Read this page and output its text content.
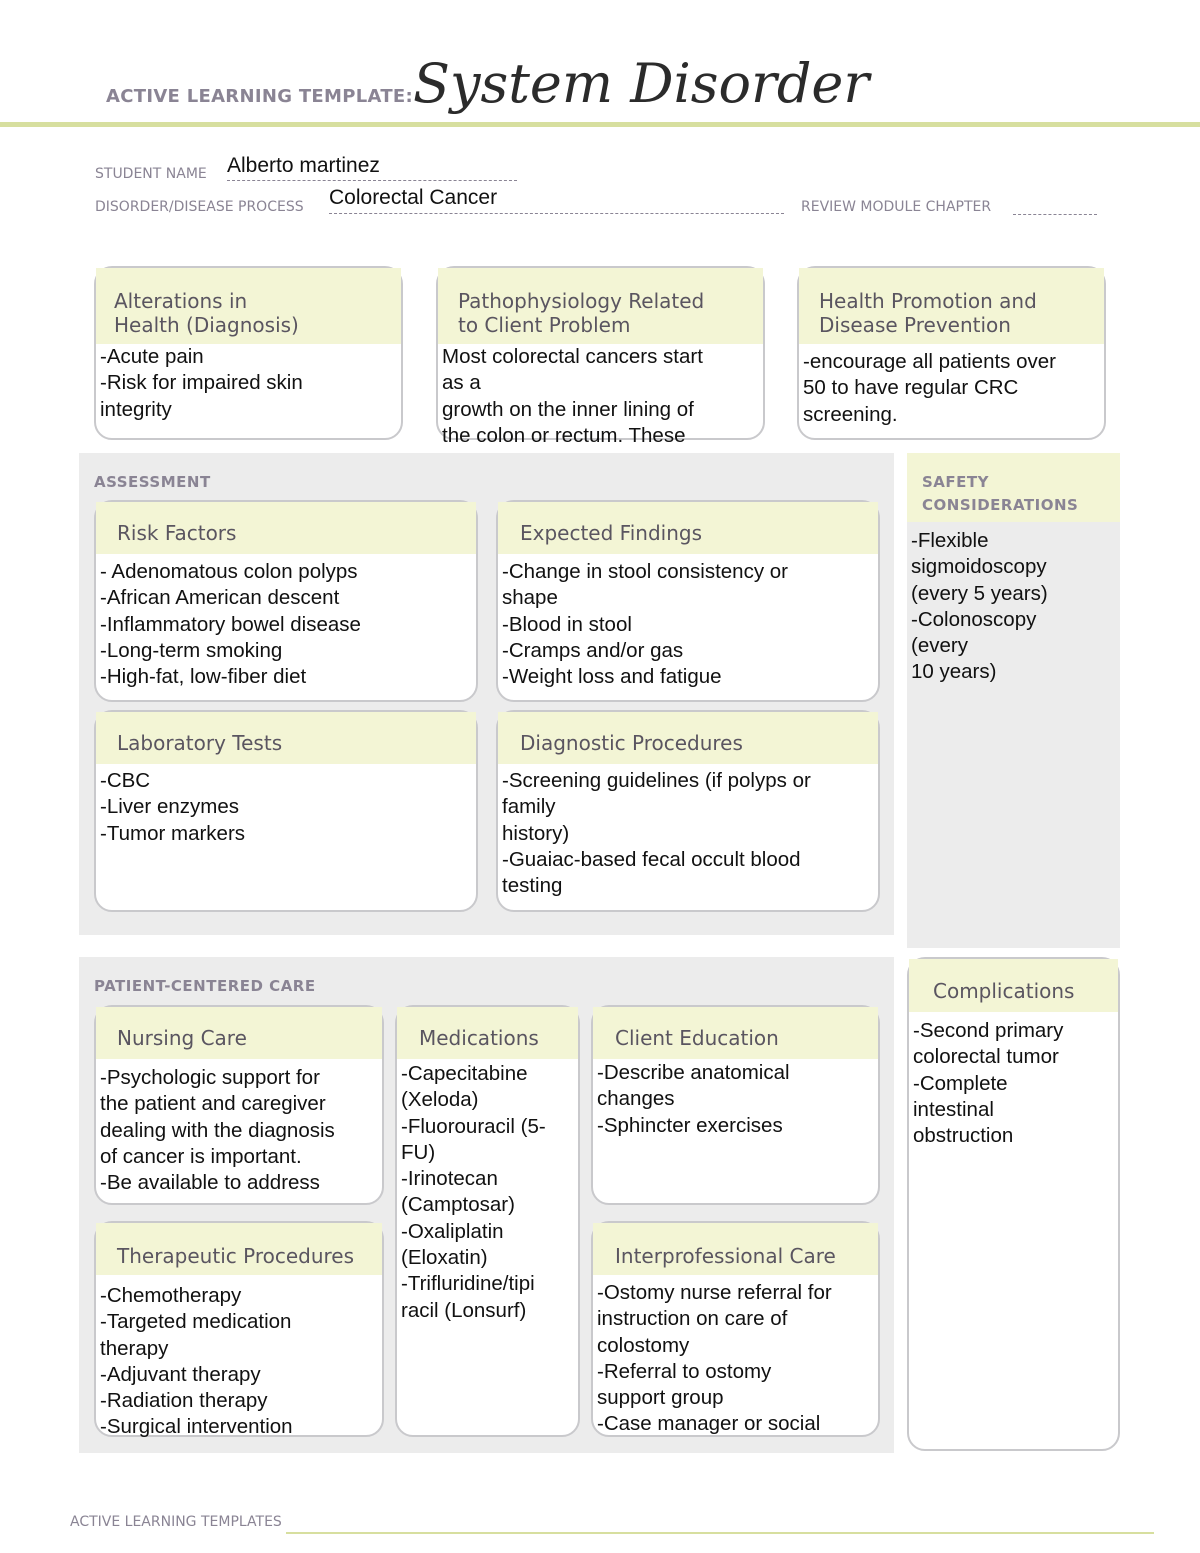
ACTIVE LEARNING TEMPLATE: System Disorder
STUDENT NAME Alberto martinez
DISORDER/DISEASE PROCESS Colorectal Cancer	REVIEW MODULE CHAPTER
Alterations in
Health (Diagnosis)
-Acute pain
-Risk for impaired skin
integrity
Pathophysiology Related
to Client Problem
Most colorectal cancers start
as a
growth on the inner lining of
the colon or rectum. These
Health Promotion and
Disease Prevention
-encourage all patients over
50 to have regular CRC
screening.
ASSESSMENT
Risk Factors
- Adenomatous colon polyps
-African American descent
-Inflammatory bowel disease
-Long-term smoking
-High-fat, low-fiber diet
Expected Findings
-Change in stool consistency or
shape
-Blood in stool
-Cramps and/or gas
-Weight loss and fatigue
Laboratory Tests
-CBC
-Liver enzymes
-Tumor markers
Diagnostic Procedures
-Screening guidelines (if polyps or
family
history)
-Guaiac-based fecal occult blood
testing
SAFETY
CONSIDERATIONS
-Flexible
sigmoidoscopy
(every 5 years)
-Colonoscopy
(every
10 years)
PATIENT-CENTERED CARE
Nursing Care
-Psychologic support for
the patient and caregiver
dealing with the diagnosis
of cancer is important.
-Be available to address
Medications
-Capecitabine
(Xeloda)
-Fluorouracil (5-
FU)
-Irinotecan
(Camptosar)
-Oxaliplatin
(Eloxatin)
-Trifluridine/tipi
racil (Lonsurf)
Client Education
-Describe anatomical
changes
-Sphincter exercises
Therapeutic Procedures
-Chemotherapy
-Targeted medication
therapy
-Adjuvant therapy
-Radiation therapy
-Surgical intervention
Interprofessional Care
-Ostomy nurse referral for
instruction on care of
colostomy
-Referral to ostomy
support group
-Case manager or social
Complications
-Second primary
colorectal tumor
-Complete
intestinal
obstruction
ACTIVE LEARNING TEMPLATES
